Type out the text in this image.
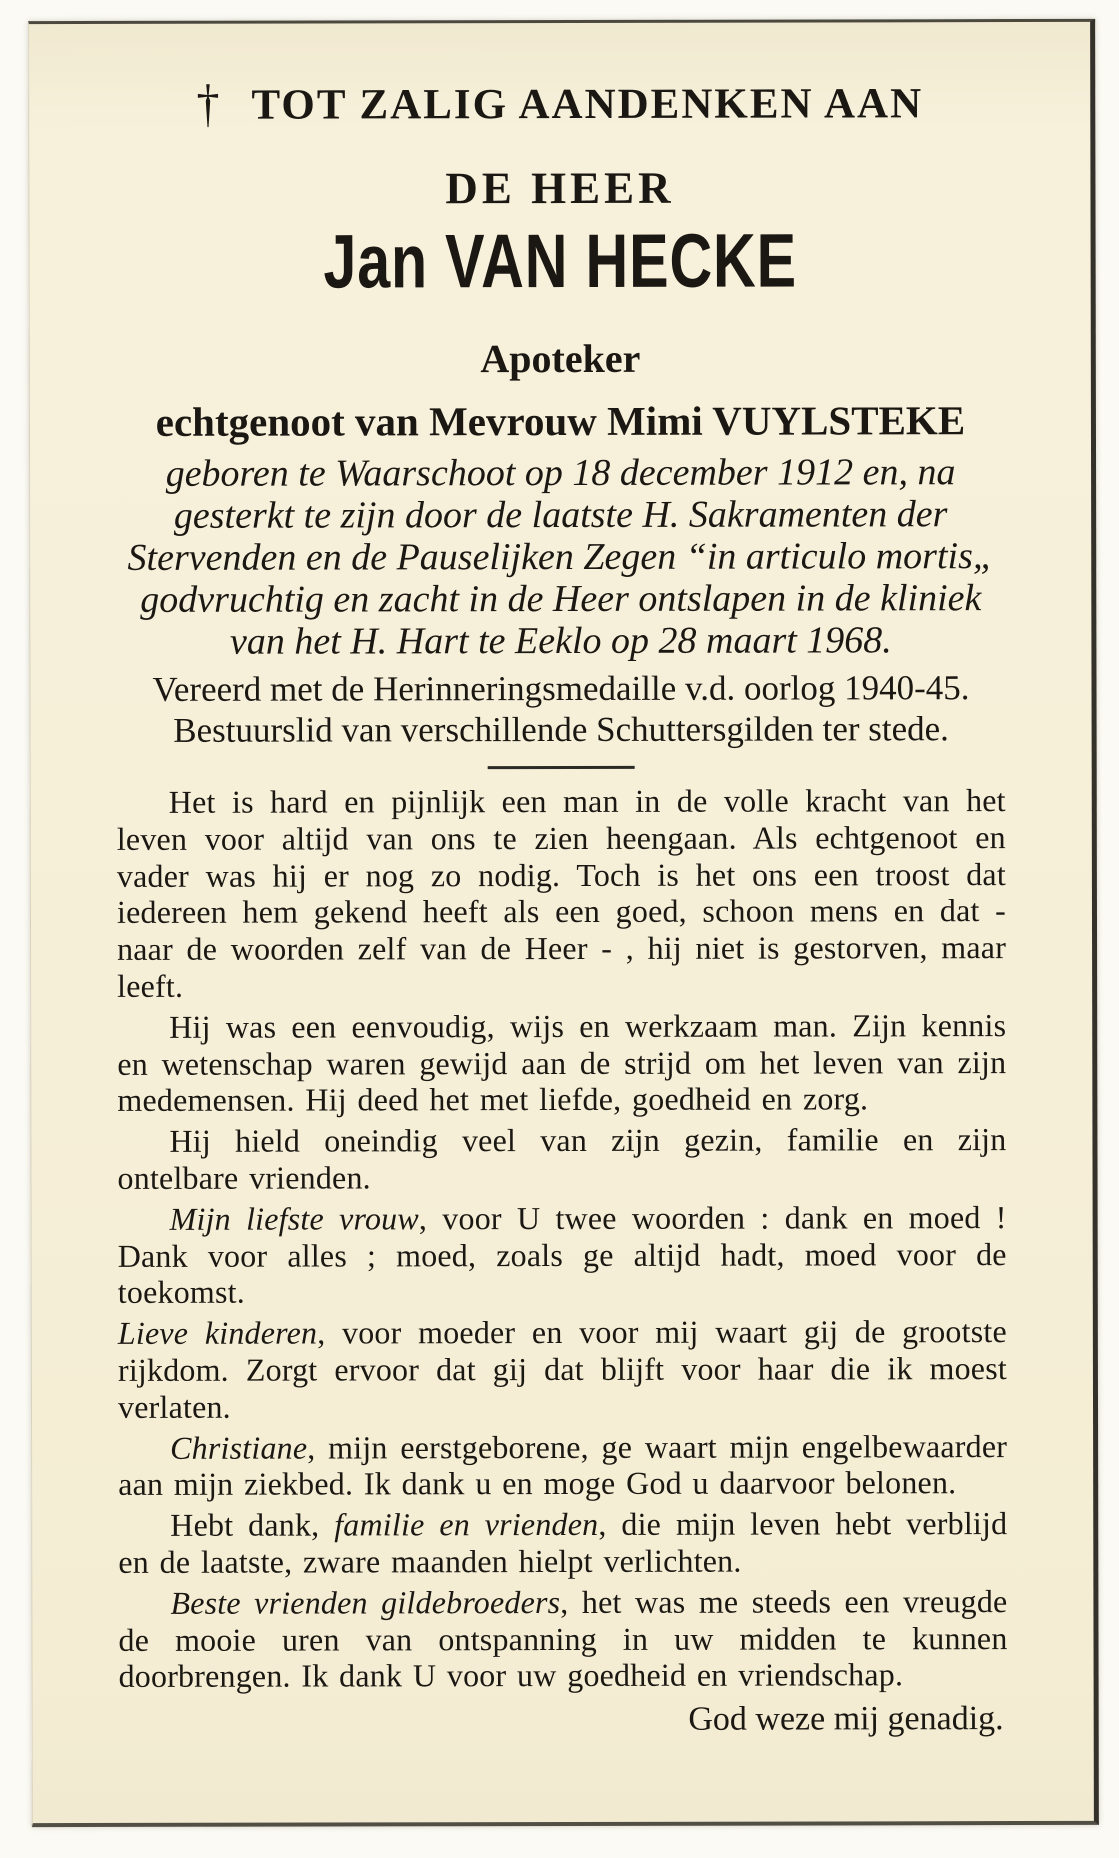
† TOT ZALIG AANDENKEN AAN
DE HEER
Jan VAN HECKE
Apoteker
echtgenoot van Mevrouw Mimi VUYLSTEKE
geboren te Waarschoot op 18 december 1912 en, na
gesterkt te zijn door de laatste H. Sakramenten der
Stervenden en de Pauselijken Zegen “in articulo mortis„
godvruchtig en zacht in de Heer ontslapen in de kliniek
van het H. Hart te Eeklo op 28 maart 1968.
Vereerd met de Herinneringsmedaille v.d. oorlog 1940-45.
Bestuurslid van verschillende Schuttersgilden ter stede.

Het is hard en pijnlijk een man in de volle kracht van het leven voor altijd van ons te zien heengaan. Als echtgenoot en vader was hij er nog zo nodig. Toch is het ons een troost dat iedereen hem gekend heeft als een goed, schoon mens en dat - naar de woorden zelf van de Heer - , hij niet is gestorven, maar leeft.

Hij was een eenvoudig, wijs en werkzaam man. Zijn kennis en wetenschap waren gewijd aan de strijd om het leven van zijn medemensen. Hij deed het met liefde, goedheid en zorg.

Hij hield oneindig veel van zijn gezin, familie en zijn ontelbare vrienden.

Mijn liefste vrouw, voor U twee woorden : dank en moed ! Dank voor alles ; moed, zoals ge altijd hadt, moed voor de toekomst.

Lieve kinderen, voor moeder en voor mij waart gij de grootste rijkdom. Zorgt ervoor dat gij dat blijft voor haar die ik moest verlaten.

Christiane, mijn eerstgeborene, ge waart mijn engelbewaarder aan mijn ziekbed. Ik dank u en moge God u daarvoor belonen.

Hebt dank, familie en vrienden, die mijn leven hebt verblijd en de laatste, zware maanden hielpt verlichten.

Beste vrienden gildebroeders, het was me steeds een vreugde de mooie uren van ontspanning in uw midden te kunnen doorbrengen. Ik dank U voor uw goedheid en vriendschap.

God weze mij genadig.
